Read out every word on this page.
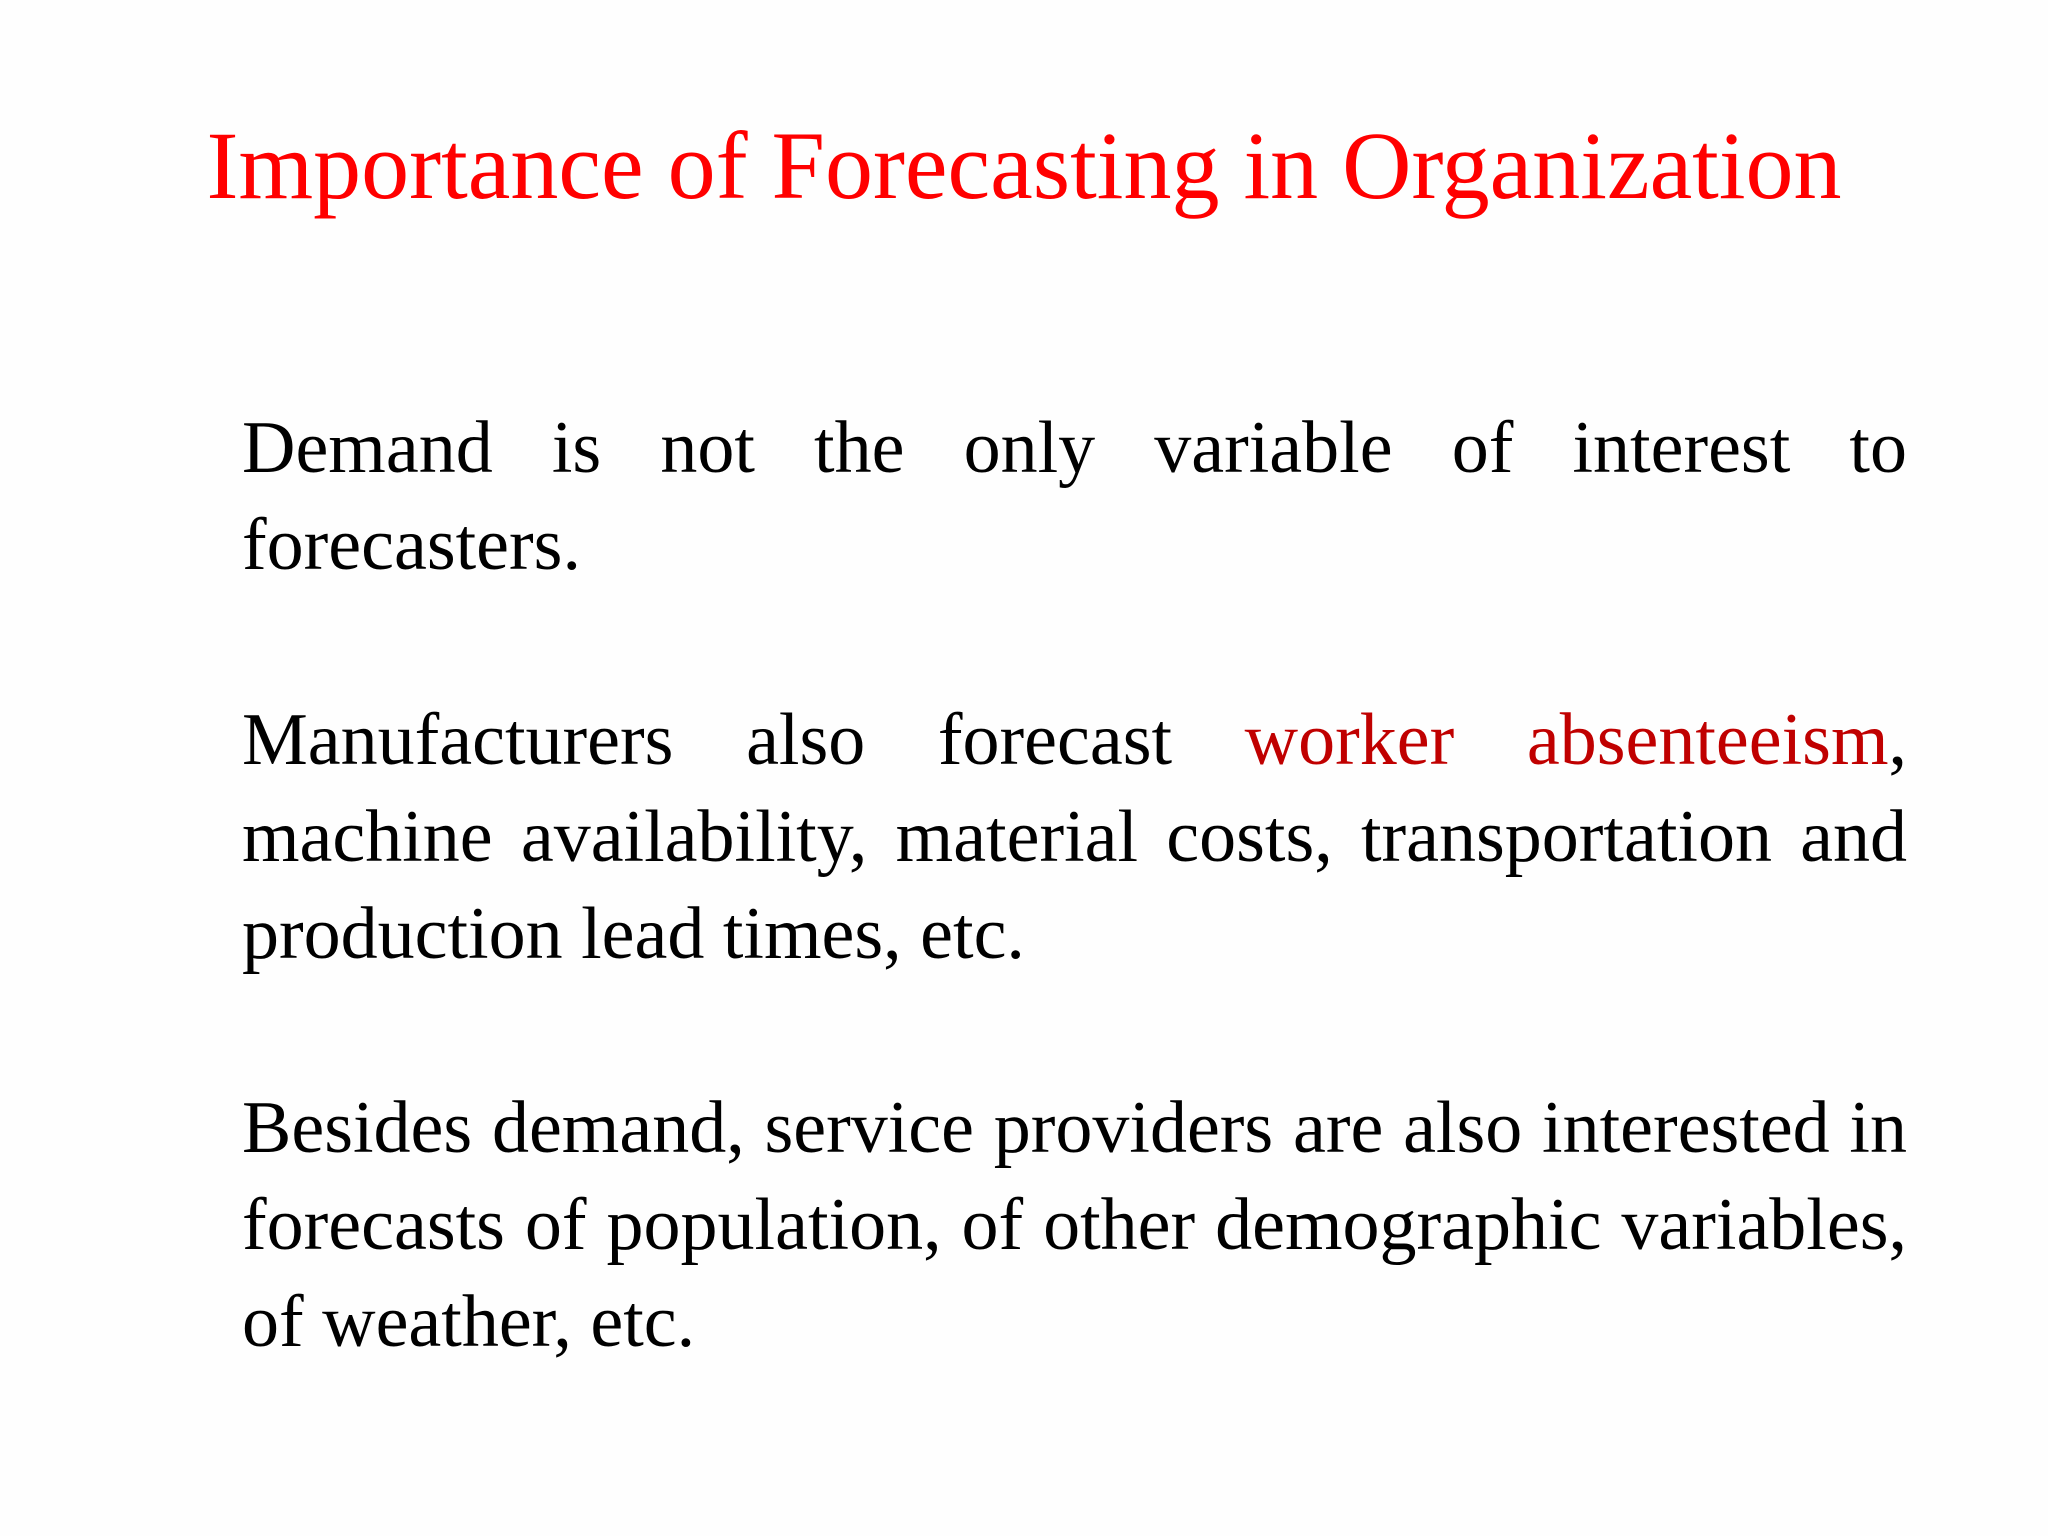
Importance of Forecasting in Organization
Demand is not the only variable of interest to forecasters.
Manufacturers also forecast worker absenteeism, machine availability, material costs, transportation and production lead times, etc.
Besides demand, service providers are also interested in forecasts of population, of other demographic variables, of weather, etc.
